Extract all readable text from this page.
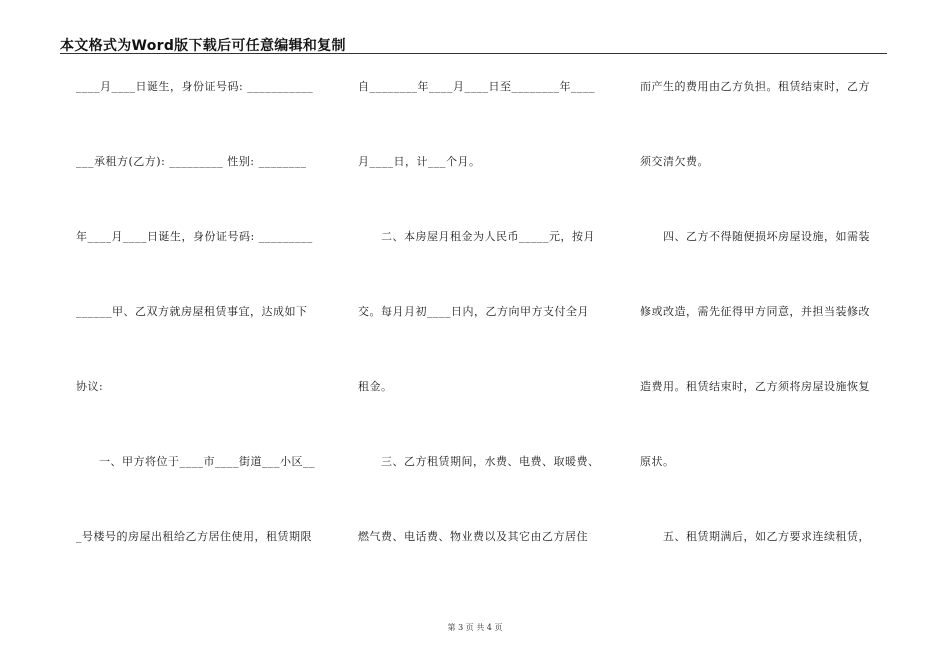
本文格式为Word版下载后可任意编辑和复制
____月____日诞生，身份证号码: ___________
___承租方(乙方): _________ 性别: ________
年____月____日诞生，身份证号码: _________
______甲、乙双方就房屋租赁事宜，达成如下
协议:
　　一、甲方将位于____市____街道___小区__
_号楼号的房屋出租给乙方居住使用，租赁期限
自________年____月____日至________年____
月____日，计___个月。
　　二、本房屋月租金为人民币_____元，按月
交。每月月初____日内，乙方向甲方支付全月
租金。
　　三、乙方租赁期间，水费、电费、取暖费、
燃气费、电话费、物业费以及其它由乙方居住
而产生的费用由乙方负担。租赁结束时，乙方
须交清欠费。
　　四、乙方不得随便损坏房屋设施，如需装
修或改造，需先征得甲方同意，并担当装修改
造费用。租赁结束时，乙方须将房屋设施恢复
原状。
　　五、租赁期满后，如乙方要求连续租赁，
第 3 页 共 4 页
